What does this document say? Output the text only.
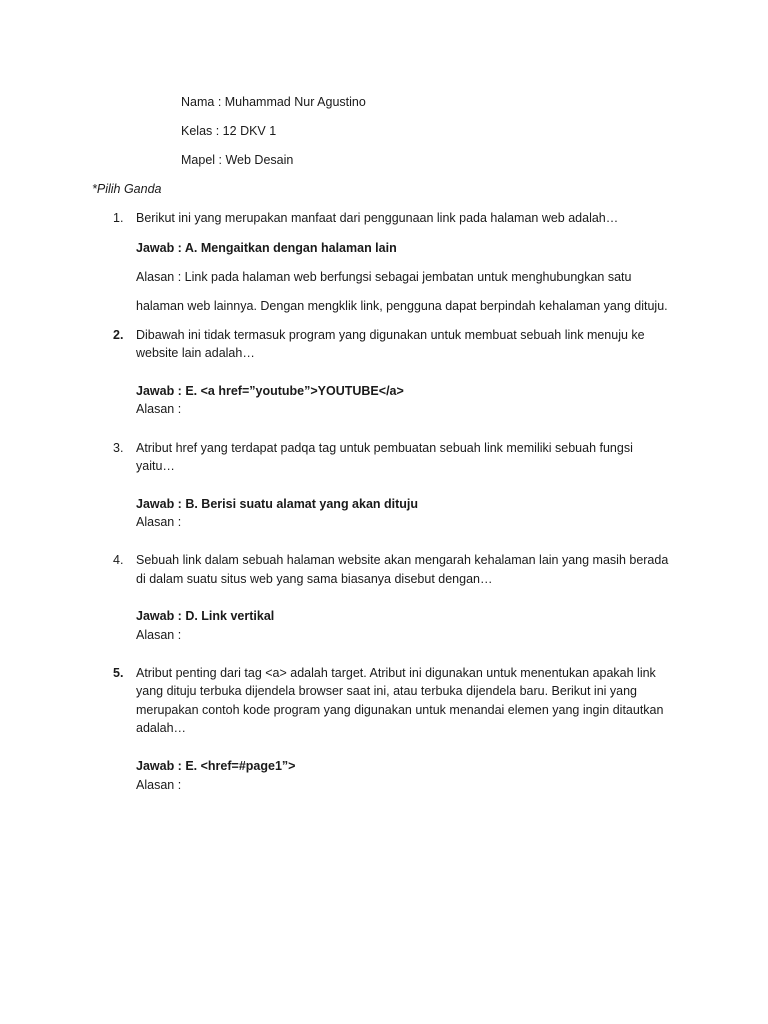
Nama : Muhammad Nur Agustino
Kelas : 12 DKV 1
Mapel : Web Desain
*Pilih Ganda
1.	Berikut ini yang merupakan manfaat dari penggunaan link pada halaman web adalah…
Jawab : A. Mengaitkan dengan halaman lain
Alasan : Link pada halaman web berfungsi sebagai jembatan untuk menghubungkan satu
halaman web lainnya. Dengan mengklik link, pengguna dapat berpindah kehalaman yang dituju.
2.	Dibawah ini tidak termasuk program yang digunakan untuk membuat sebuah link menuju ke
website lain adalah…
Jawab : E. <a href=”youtube”>YOUTUBE</a>
Alasan :
3.	Atribut href yang terdapat padqa tag untuk pembuatan sebuah link memiliki sebuah fungsi
yaitu…
Jawab : B. Berisi suatu alamat yang akan dituju
Alasan :
4.	Sebuah link dalam sebuah halaman website akan mengarah kehalaman lain yang masih berada
di dalam suatu situs web yang sama biasanya disebut dengan…
Jawab : D. Link vertikal
Alasan :
5.	Atribut penting dari tag <a> adalah target. Atribut ini digunakan untuk menentukan apakah link
yang dituju terbuka dijendela browser saat ini, atau terbuka dijendela baru. Berikut ini yang
merupakan contoh kode program yang digunakan untuk menandai elemen yang ingin ditautkan
adalah…
Jawab : E. <href=#page1”>
Alasan :
